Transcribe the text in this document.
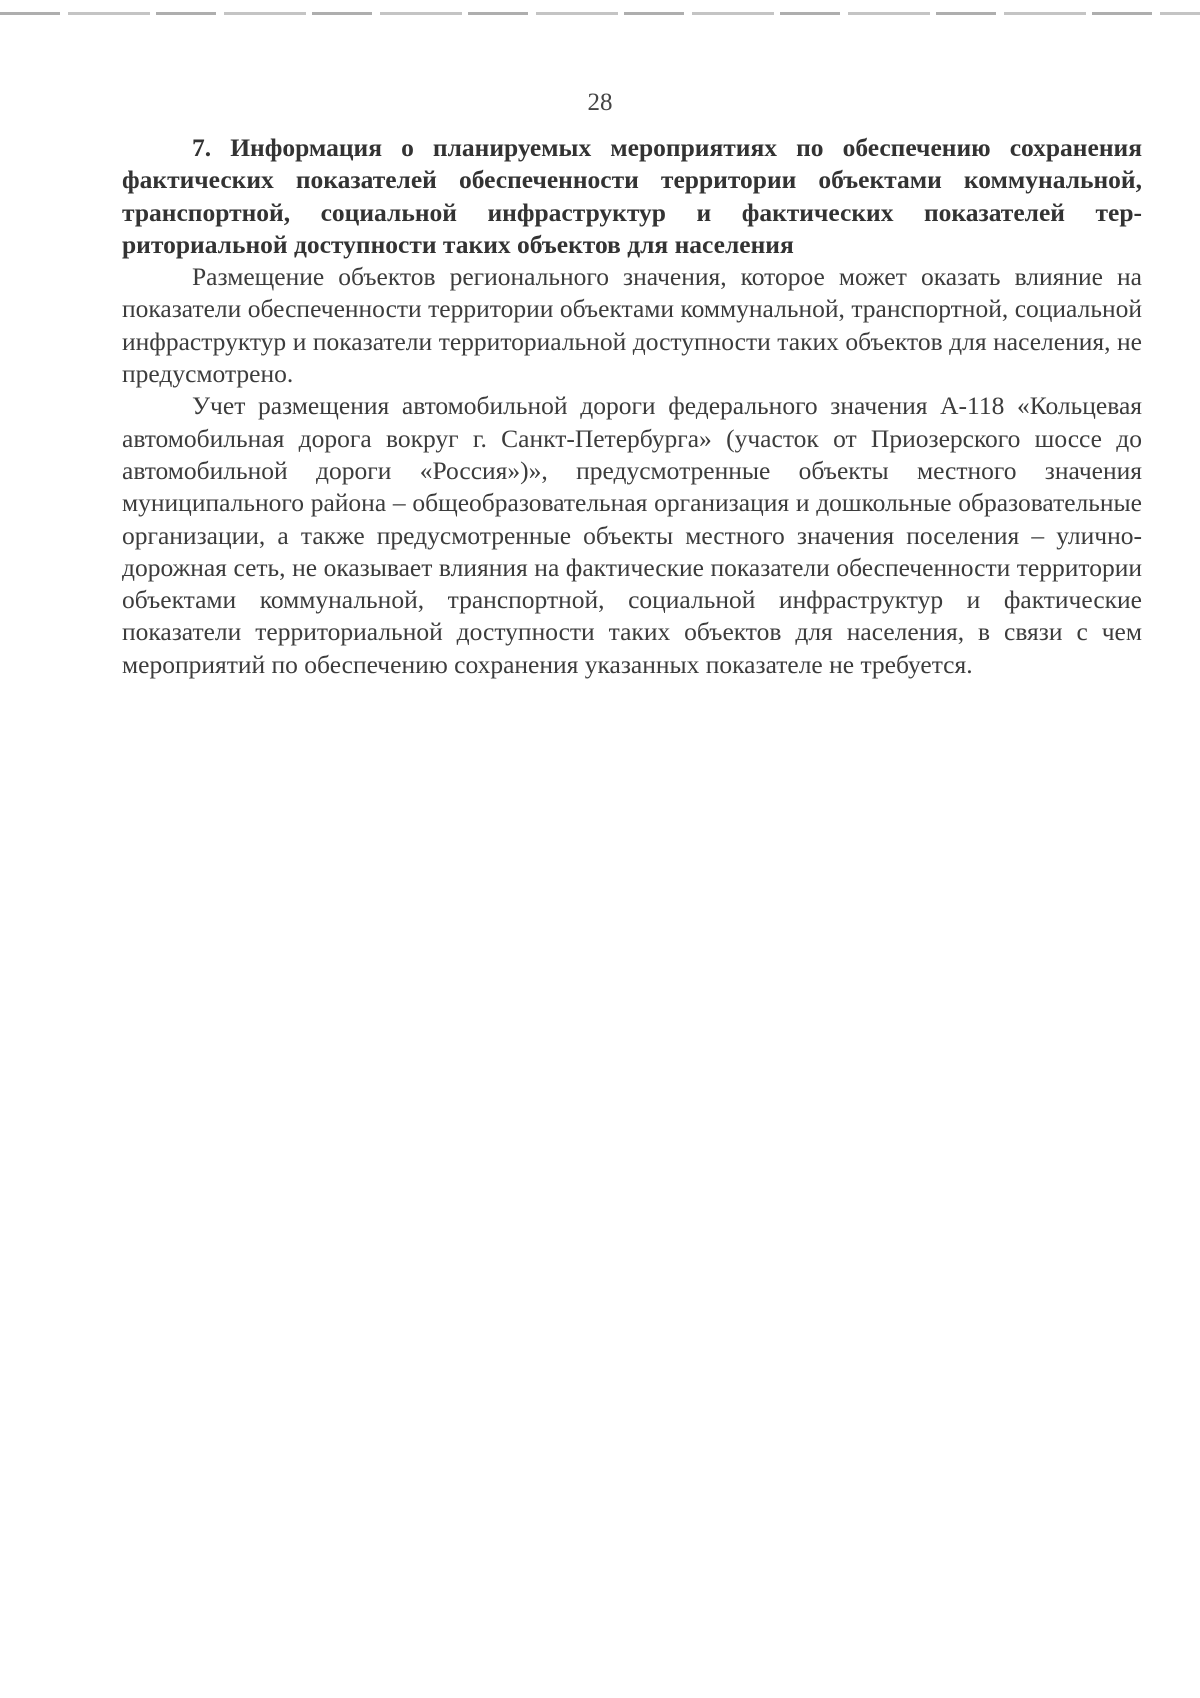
28

7. Информация о планируемых мероприятиях по обеспечению сохранения фактических показателей обеспеченности территории объектами коммунальной, транспортной, социальной инфраструктур и фактических показателей территориальной доступности таких объектов для населения

Размещение объектов регионального значения, которое может оказать влияние на показатели обеспеченности территории объектами коммунальной, транспортной, социальной инфраструктур и показатели территориальной доступности таких объектов для населения, не предусмотрено.

Учет размещения автомобильной дороги федерального значения А-118 «Кольцевая автомобильная дорога вокруг г. Санкт-Петербурга» (участок от Приозерского шоссе до автомобильной дороги «Россия»)», предусмотренные объекты местного значения муниципального района – общеобразовательная организация и дошкольные образовательные организации, а также предусмотренные объекты местного значения поселения – улично-дорожная сеть, не оказывает влияния на фактические показатели обеспеченности территории объектами коммунальной, транспортной, социальной инфраструктур и фактические показатели территориальной доступности таких объектов для населения, в связи с чем мероприятий по обеспечению сохранения указанных показателе не требуется.
